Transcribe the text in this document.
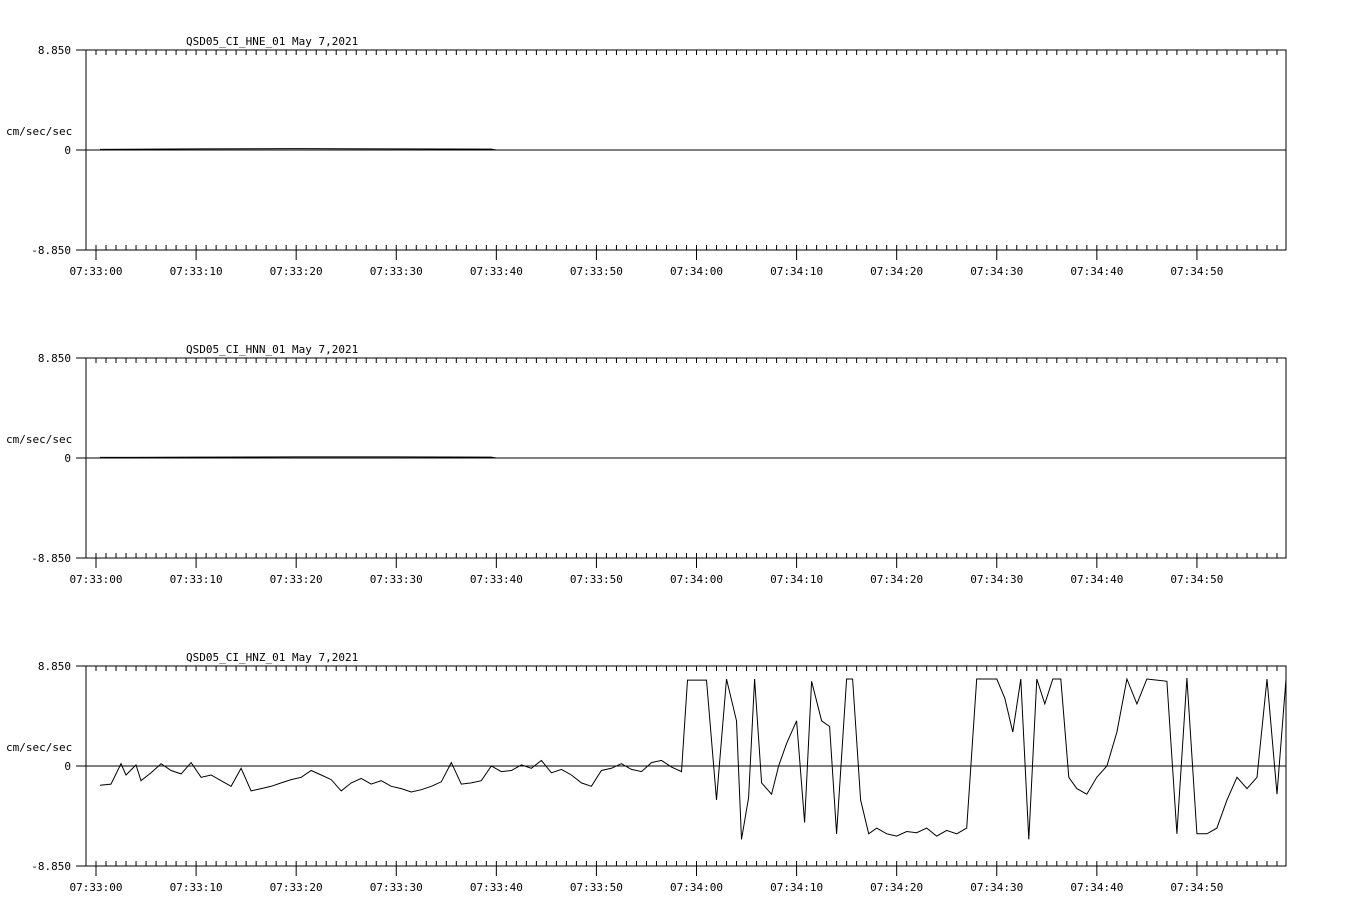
QSD05_CI_HNE_01 May 7,2021
cm/sec/sec
8.850
0
-8.850
07:33:00	07:33:10	07:33:20	07:33:30	07:33:40	07:33:50	07:34:00	07:34:10	07:34:20	07:34:30	07:34:40	07:34:50
QSD05_CI_HNN_01 May 7,2021
cm/sec/sec
8.850
0
-8.850
07:33:00	07:33:10	07:33:20	07:33:30	07:33:40	07:33:50	07:34:00	07:34:10	07:34:20	07:34:30	07:34:40	07:34:50
QSD05_CI_HNZ_01 May 7,2021
cm/sec/sec
8.850
0
-8.850
07:33:00	07:33:10	07:33:20	07:33:30	07:33:40	07:33:50	07:34:00	07:34:10	07:34:20	07:34:30	07:34:40	07:34:50
